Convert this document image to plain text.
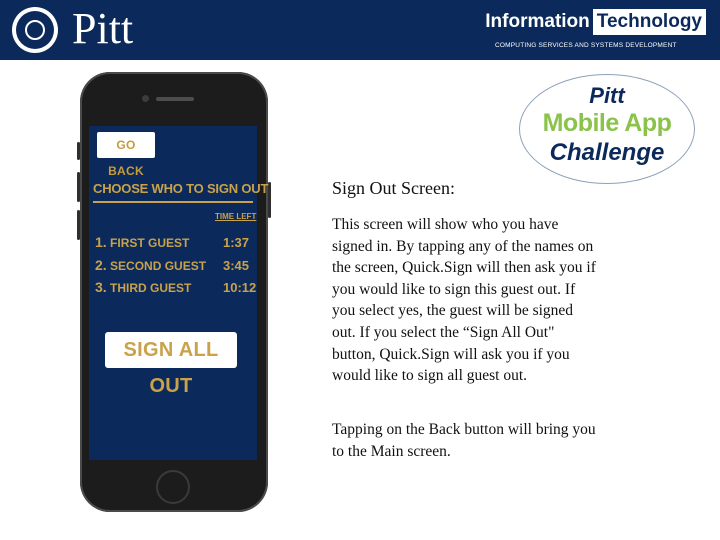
Pitt	Information Technology
COMPUTING SERVICES AND SYSTEMS DEVELOPMENT
GO BACK
CHOOSE WHO TO SIGN OUT
TIME LEFT
1. FIRST GUEST	1:37
2. SECOND GUEST 3:45
3. THIRD GUEST 10:12
SIGN ALL OUT
Pitt
Mobile App
Challenge
Sign Out Screen:
This screen will show who you have signed in. By tapping any of the names on the screen, Quick.Sign will then ask you if you would like to sign this guest out. If you select yes, the guest will be signed out. If you select the “Sign All Out" button, Quick.Sign will ask you if you would like to sign all guest out.
Tapping on the Back button will bring you to the Main screen.
